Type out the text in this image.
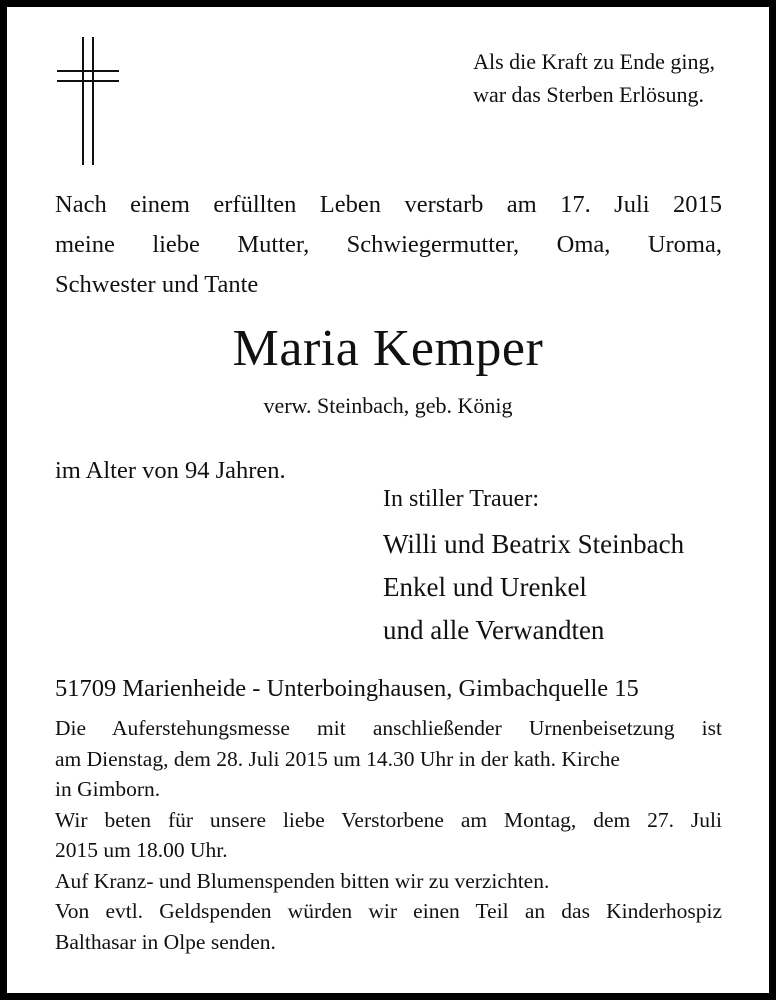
Als die Kraft zu Ende ging,
war das Sterben Erlösung.

Nach einem erfüllten Leben verstarb am 17. Juli 2015
meine liebe Mutter, Schwiegermutter, Oma, Uroma,
Schwester und Tante

Maria Kemper
verw. Steinbach, geb. König
im Alter von 94 Jahren.
In stiller Trauer:
Willi und Beatrix Steinbach
Enkel und Urenkel
und alle Verwandten
51709 Marienheide - Unterboinghausen, Gimbachquelle 15

Die Auferstehungsmesse mit anschließender Urnenbeisetzung ist
am Dienstag, dem 28. Juli 2015 um 14.30 Uhr in der kath. Kirche
in Gimborn.
Wir beten für unsere liebe Verstorbene am Montag, dem 27. Juli
2015 um 18.00 Uhr.
Auf Kranz- und Blumenspenden bitten wir zu verzichten.
Von evtl. Geldspenden würden wir einen Teil an das Kinderhospiz
Balthasar in Olpe senden.
